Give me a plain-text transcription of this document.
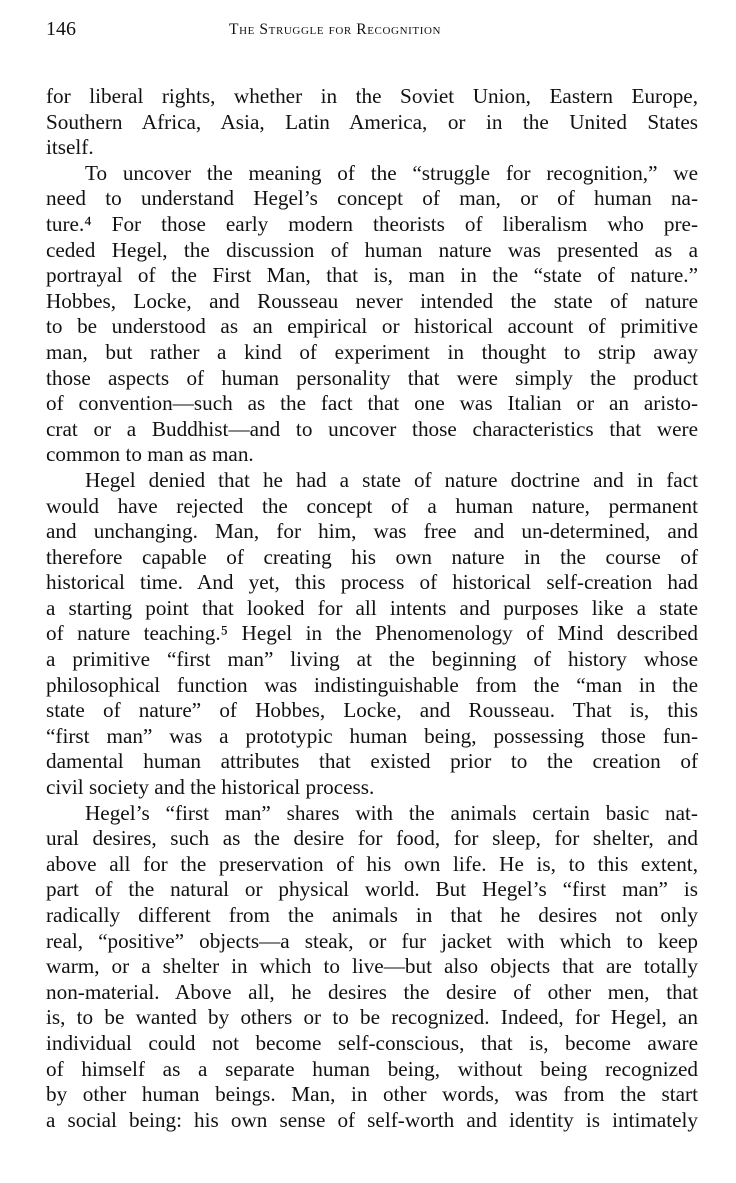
146	The Struggle for Recognition
for liberal rights, whether in the Soviet Union, Eastern Europe,
Southern Africa, Asia, Latin America, or in the United States
itself.
To uncover the meaning of the “struggle for recognition,” we
need to understand Hegel’s concept of man, or of human na-
ture.⁴ For those early modern theorists of liberalism who pre-
ceded Hegel, the discussion of human nature was presented as a
portrayal of the First Man, that is, man in the “state of nature.”
Hobbes, Locke, and Rousseau never intended the state of nature
to be understood as an empirical or historical account of primitive
man, but rather a kind of experiment in thought to strip away
those aspects of human personality that were simply the product
of convention—such as the fact that one was Italian or an aristo-
crat or a Buddhist—and to uncover those characteristics that were
common to man as man.
Hegel denied that he had a state of nature doctrine and in fact
would have rejected the concept of a human nature, permanent
and unchanging. Man, for him, was free and un-determined, and
therefore capable of creating his own nature in the course of
historical time. And yet, this process of historical self-creation had
a starting point that looked for all intents and purposes like a state
of nature teaching.⁵ Hegel in the Phenomenology of Mind described
a primitive “first man” living at the beginning of history whose
philosophical function was indistinguishable from the “man in the
state of nature” of Hobbes, Locke, and Rousseau. That is, this
“first man” was a prototypic human being, possessing those fun-
damental human attributes that existed prior to the creation of
civil society and the historical process.
Hegel’s “first man” shares with the animals certain basic nat-
ural desires, such as the desire for food, for sleep, for shelter, and
above all for the preservation of his own life. He is, to this extent,
part of the natural or physical world. But Hegel’s “first man” is
radically different from the animals in that he desires not only
real, “positive” objects—a steak, or fur jacket with which to keep
warm, or a shelter in which to live—but also objects that are totally
non-material. Above all, he desires the desire of other men, that
is, to be wanted by others or to be recognized. Indeed, for Hegel, an
individual could not become self-conscious, that is, become aware
of himself as a separate human being, without being recognized
by other human beings. Man, in other words, was from the start
a social being: his own sense of self-worth and identity is intimately
